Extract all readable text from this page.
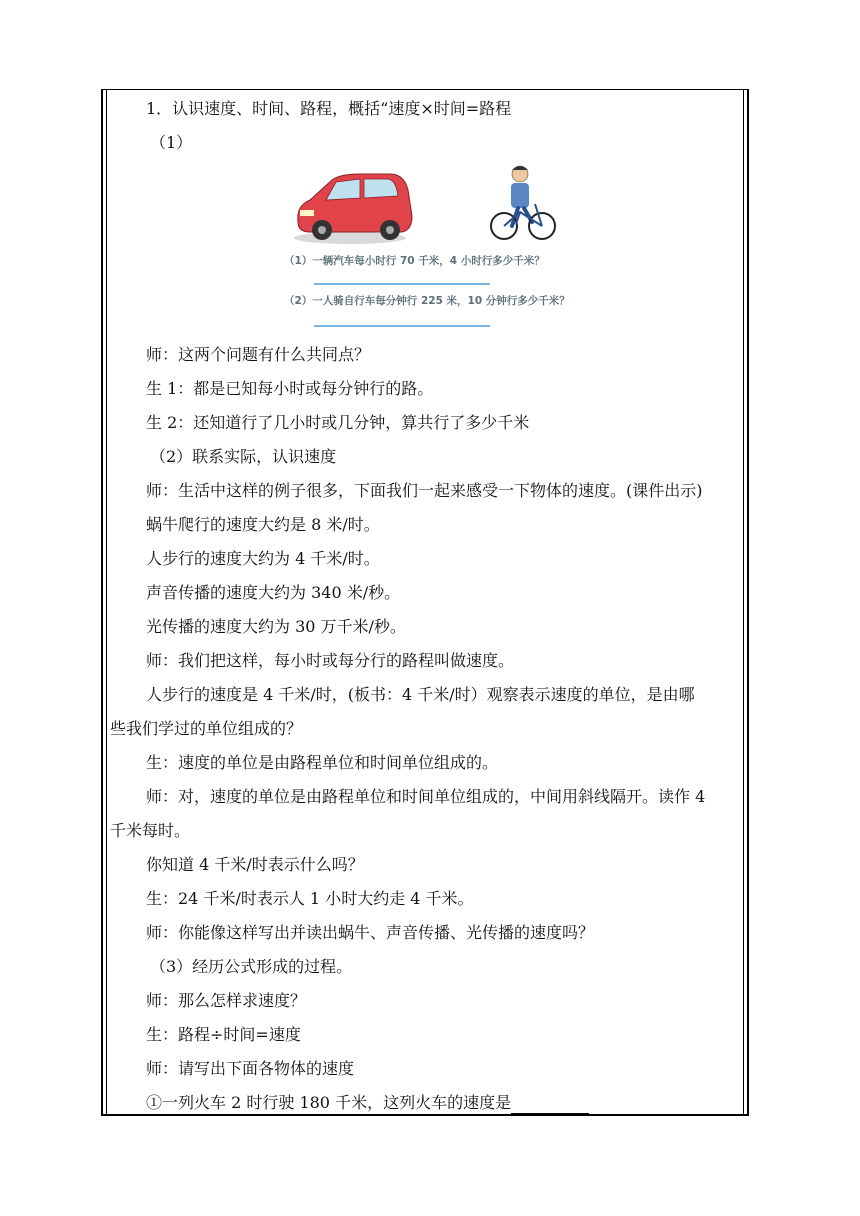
1．认识速度、时间、路程，概括“速度×时间=路程
（1）
（1）一辆汽车每小时行 70 千米，4 小时行多少千米？
（2）一人骑自行车每分钟行 225 米，10 分钟行多少千米？
师：这两个问题有什么共同点？
生 1：都是已知每小时或每分钟行的路。
生 2：还知道行了几小时或几分钟，算共行了多少千米
（2）联系实际，认识速度
师：生活中这样的例子很多，下面我们一起来感受一下物体的速度。(课件出示)
蜗牛爬行的速度大约是 8 米/时。
人步行的速度大约为 4 千米/时。
声音传播的速度大约为 340 米/秒。
光传播的速度大约为 30 万千米/秒。
师：我们把这样，每小时或每分行的路程叫做速度。
人步行的速度是 4 千米/时，(板书：4 千米/时）观察表示速度的单位，是由哪
些我们学过的单位组成的？
生：速度的单位是由路程单位和时间单位组成的。
师：对，速度的单位是由路程单位和时间单位组成的，中间用斜线隔开。读作 4
千米每时。
你知道 4 千米/时表示什么吗？
生：24 千米/时表示人 1 小时大约走 4 千米。
师：你能像这样写出并读出蜗牛、声音传播、光传播的速度吗？
（3）经历公式形成的过程。
师：那么怎样求速度？
生：路程÷时间=速度
师：请写出下面各物体的速度
①一列火车 2 时行驶 180 千米，这列火车的速度是
